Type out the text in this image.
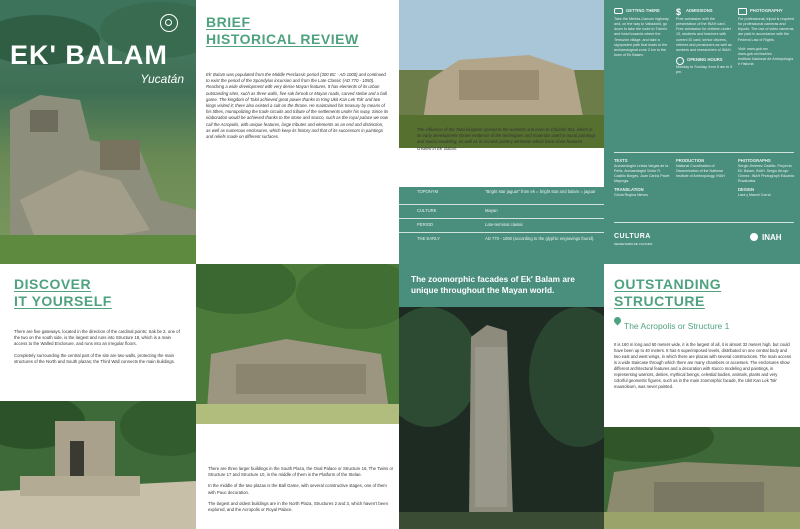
EK' BALAM
Yucatán
BRIEF
HISTORICAL REVIEW

Ek' Balam was populated from the Middle Preclassic period (300 BC - AD 1000) and continued to exist the period of the Spondylus incursion and from the Late Classic (AD 770 - 1050). Reaching a wide development with very dense Mayan features. It has elements of its urban outstanding sites, such as three walls, five sak be'oob or Mayan roads, carved stelae and a ball game. The kingdom of Talol achieved great power thanks to King Ukit Kan Lek Tok' and two kings visited it; there also existed a cult on the throne. He maintained his treasury by means of his tithes, monopolizing the trade circuits and tribute of the settlements under his sway. Since its elaboration would be achieved thanks to the stone and stucco, such as the royal palace we now call the Acropolis, with unique features, large tributes and elements as an end and distinction, as well as numerous enclosures, which keep its history and that of its successors in paintings and reliefs made on different surfaces.

The influence of the Talol kingdom spread to the outskirts and even to Chichén Itzá, which in its early development shows evidence of the techniques and materials used in mural paintings and stucco modeling, as well as in ceramic pottery elements which have close features created in Ek' Balam.

TOPONYM	"Bright star jaguar" from ek = bright star and balam = jaguar
CULTURE	Mayan
PERIOD	Late-terminal classic
THE EARLY	AD 770 - 1050 (according to the glyphic engravings found).
GETTING THERE
Take the Mérida-Cancún highway and, on the way to Valladolid, go down to take the route to Tizimín and head towards where the Temozón village, and take a signposted path that leads to the archaeological zone 2 km to the town of Ek Balam.
$ ADMISSIONS
Free admission with the presentation of the INAH card. Free admission for children under 13, students and teachers with current ID card, senior citizens, retirees and pensioners as well as workers and researchers of INAH.
OPENING HOURS
Monday to Sunday, from 8 am to 5 pm.
PHOTOGRAPHY
For professional, tripod is required for professional cameras and tripods. The use of video cameras are paid in accordance with the Federal Law of Rights.
Visit: www.gob.mx
www.gob.mx/inah/es
Instituto Nacional de Antropología e Historia
TEXTS
Archaeologist Leticia Vargas de la Peña. Archaeologist Víctor R. Castillo Borges. Juan Carlos Pavel Mayorga.
TRANSLATION
Gloria Regina Nieves
PRODUCTION
National Coordination of Dissemination of the National Institute of Anthropology, INAH
PHOTOGRAPHS
Sergio Jiménez Castillo. Proyecto Ek' Balam, INAH. Sergio Arroyo Gómez. INAH Photograph Eduardo Ruvalcaba.
DESIGN
Lara y Marcel Corral
CULTURA
SECRETARÍA DE CULTURA
INAH
DISCOVER
IT YOURSELF

There are five gateways, located in the direction of the cardinal points; Sak be 2, one of the two on the south side, is the largest and runs into Structure 18, which is a main access to the Walled Enclosure, and runs into an irregular floors.

Completely surrounding the central part of the site are two walls, protecting the main structures of the North and South plazas; the Third Wall connects the main buildings.

There are three larger buildings in the South Plaza, the Oval Palace or Structure 16, The Twins or Structure 17 and Structure 10, in the middle of them is the Platform of the Stelae.

In the middle of the two plazas is the Ball Game, with several constructive stages, one of them with Puuc decoration.

The largest and oldest buildings are in the North Plaza, Structures 2 and 3, which haven't been explored, and the Acropolis or Royal Palace.

The zoomorphic facades of Ek' Balam are unique throughout the Mayan world.	OUTSTANDING
STRUCTURE
The Acropolis or Structure 1

It is 160 m long and 60 meters wide, it is the largest of all, it is almost 32 meters high, but could have been up to 40 meters. It has 6 superimposed levels, distributed on one central body and two east and west wings, in which there are plazas with several constructions. The main access is a wide staircase through which there are many chambers or accesses. The enclosures show different architectural features and a decoration with stucco modeling and paintings, in representing warriors, deities, mythical beings, celestial bodies, animals, plants and very colorful geometric figures, such as in the main zoomorphic facade, the Ukit Kan Lek Tok' mausoleum, was never painted.
